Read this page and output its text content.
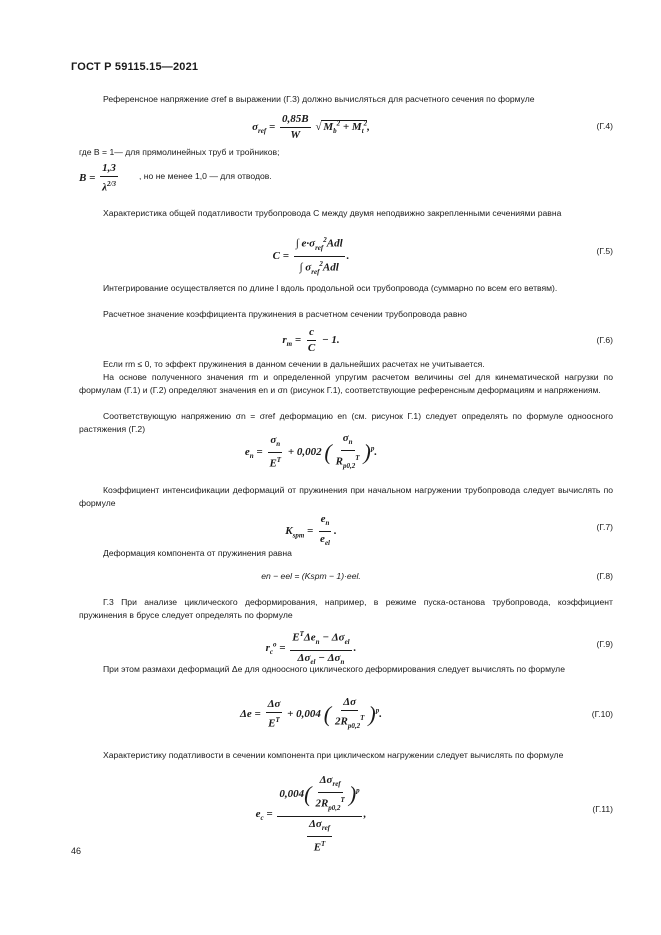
ГОСТ Р 59115.15—2021
Референсное напряжение σref в выражении (Г.3) должно вычисляться для расчетного сечения по формуле
$\sigma_{ref} = \frac{0,85B}{W}$ √ $M_b^2 + M_t^2$,	(Г.4)
где B = 1— для прямолинейных труб и тройников;
$B = \frac{1,3}{\lambda^{2/3}}$ , но не менее 1,0 — для отводов.
Характеристика общей податливости трубопровода C между двумя неподвижно закрепленными сечениями равна
$C = \frac{\int e\cdot\sigma_{ref}^2Adl}{\int \sigma_{ref}^2Adl}$ .	(Г.5)
Интегрирование осуществляется по длине l вдоль продольной оси трубопровода (суммарно по всем его ветвям).
Расчетное значение коэффициента пружинения в расчетном сечении трубопровода равно
$r_m = \frac{c}{C} - 1$.	(Г.6)
Если rm ≤ 0, то эффект пружинения в данном сечении в дальнейших расчетах не учитывается.
На основе полученного значения rm и определенной упругим расчетом величины σel для кинематической нагрузки по формулам (Г.1) и (Г.2) определяют значения en и σn (рисунок Г.1), соответствующие референсным деформациям и напряжениям.
Соответствующую напряжению σn = σref деформацию en (см. рисунок Г.1) следует определять по формуле одноосного растяжения (Г.2)
$e_n = \frac{\sigma_n}{E^T} + 0,002$ ( $\frac{\sigma_n}{R_{p0,2}^T} )^p$.
Коэффициент интенсификации деформаций от пружинения при начальном нагружении трубопровода следует вычислять по формуле
$K_{spm} = \frac{e_n}{e_{el}}$ .	(Г.7)
Деформация компонента от пружинения равна
en − eel = (Kspm − 1)·eel.	(Г.8)
Г.3 При анализе циклического деформирования, например, в режиме пуска-останова трубопровода, коэффициент пружинения в брусе следует определять по формуле
$r_c^o = \frac{E^T\Delta e_n - \Delta\sigma_{el}}{\Delta\sigma_{el} - \Delta\sigma_n}$ .	(Г.9)
При этом размахи деформаций Δe для одноосного циклического деформирования следует вычислять по формуле
$\Delta e = \frac{\Delta\sigma}{E^T} + 0,004$ ( $\frac{\Delta\sigma}{2R_{p0,2}^T} )^p$.	(Г.10)
Характеристику податливости в сечении компонента при циклическом нагружении следует вычислять по формуле
$e_c = \frac{0,004( \frac{\Delta\sigma_{ref}}{2R_{p0,2}^T} )^p}{\frac{\Delta\sigma_{ref}}{E^T}}$ ,	(Г.11)
46
